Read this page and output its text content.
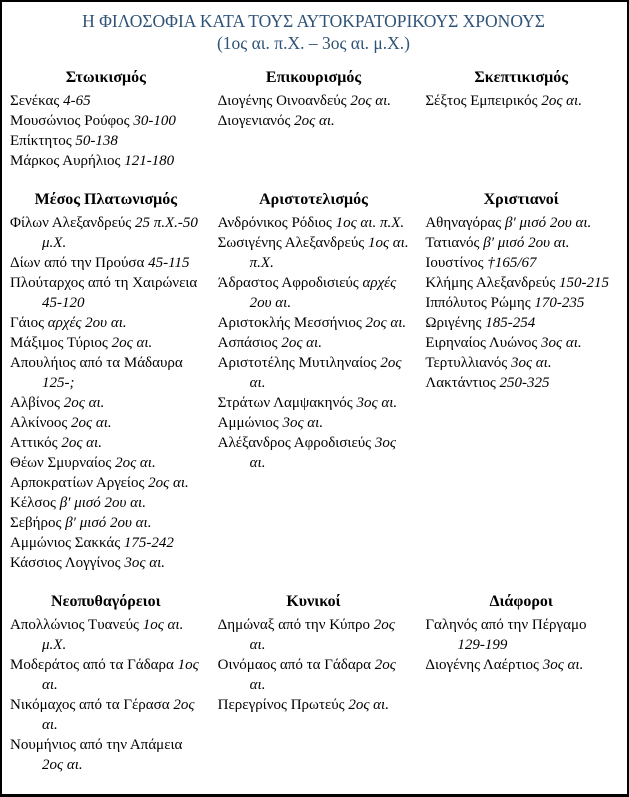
Η ΦΙΛΟΣΟΦΙΑ ΚΑΤΑ ΤΟΥΣ ΑΥΤΟΚΡΑΤΟΡΙΚΟΥΣ ΧΡΟΝΟΥΣ
(1ος αι. π.Χ. – 3ος αι. μ.Χ.)
Στωικισμός
Σενέκας 4-65
Μουσώνιος Ρούφος 30-100
Επίκτητος 50-138
Μάρκος Αυρήλιος 121-180
Επικουρισμός
Διογένης Οινοανδεύς 2ος αι.
Διογενιανός 2ος αι.
Σκεπτικισμός
Σέξτος Εμπειρικός 2ος αι.
Μέσος Πλατωνισμός
Φίλων Αλεξανδρεύς 25 π.Χ.-50 μ.Χ.
Δίων από την Προύσα 45-115
Πλούταρχος από τη Χαιρώνεια 45-120
Γάιος αρχές 2ου αι.
Μάξιμος Τύριος 2ος αι.
Απουλήιος από τα Μάδαυρα 125-;
Αλβίνος 2ος αι.
Αλκίνοος 2ος αι.
Αττικός 2ος αι.
Θέων Σμυρναίος 2ος αι.
Αρποκρατίων Αργείος 2ος αι.
Κέλσος β′ μισό 2ου αι.
Σεβήρος β′ μισό 2ου αι.
Αμμώνιος Σακκάς 175-242
Κάσσιος Λογγίνος 3ος αι.
Αριστοτελισμός
Ανδρόνικος Ρόδιος 1ος αι. π.Χ.
Σωσιγένης Αλεξανδρεύς 1ος αι. π.Χ.
Άδραστος Αφροδισιεύς αρχές 2ου αι.
Αριστοκλής Μεσσήνιος 2ος αι.
Ασπάσιος 2ος αι.
Αριστοτέλης Μυτιληναίος 2ος αι.
Στράτων Λαμψακηνός 3ος αι.
Αμμώνιος 3ος αι.
Αλέξανδρος Αφροδισιεύς 3ος αι.
Χριστιανοί
Αθηναγόρας β′ μισό 2ου αι.
Τατιανός β′ μισό 2ου αι.
Ιουστίνος †165/67
Κλήμης Αλεξανδρεύς 150-215
Ιππόλυτος Ρώμης 170-235
Ωριγένης 185-254
Ειρηναίος Λυώνος 3ος αι.
Τερτυλλιανός 3ος αι.
Λακτάντιος 250-325
Νεοπυθαγόρειοι
Απολλώνιος Τυανεύς 1ος αι. μ.Χ.
Μοδεράτος από τα Γάδαρα 1ος αι.
Νικόμαχος από τα Γέρασα 2ος αι.
Νουμήνιος από την Απάμεια 2ος αι.
Κυνικοί
Δημώναξ από την Κύπρο 2ος αι.
Οινόμαος από τα Γάδαρα 2ος αι.
Περεγρίνος Πρωτεύς 2ος αι.
Διάφοροι
Γαληνός από την Πέργαμο 129-199
Διογένης Λαέρτιος 3ος αι.
